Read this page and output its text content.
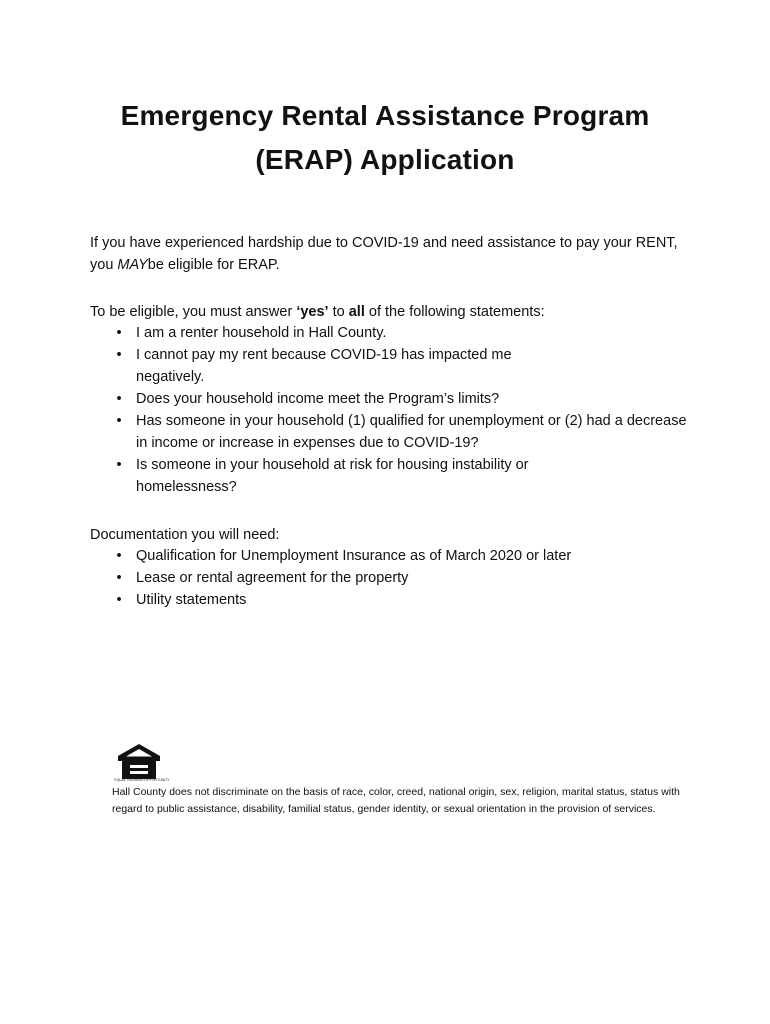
Emergency Rental Assistance Program
(ERAP) Application
If you have experienced hardship due to COVID-19 and need assistance to pay your RENT, you MAYbe eligible for ERAP.
To be eligible, you must answer ‘yes’ to all of the following statements:
• I am a renter household in Hall County.
• I cannot pay my rent because COVID-19 has impacted me negatively.
• Does your household income meet the Program’s limits?
• Has someone in your household (1) qualified for unemployment or (2) had a decrease in income or increase in expenses due to COVID-19?
• Is someone in your household at risk for housing instability or homelessness?
Documentation you will need:
• Qualification for Unemployment Insurance as of March 2020 or later
• Lease or rental agreement for the property
• Utility statements
EQUAL HOUSING OPPORTUNITY
Hall County does not discriminate on the basis of race, color, creed, national origin, sex, religion, marital status, status with regard to public assistance, disability, familial status, gender identity, or sexual orientation in the provision of services.
